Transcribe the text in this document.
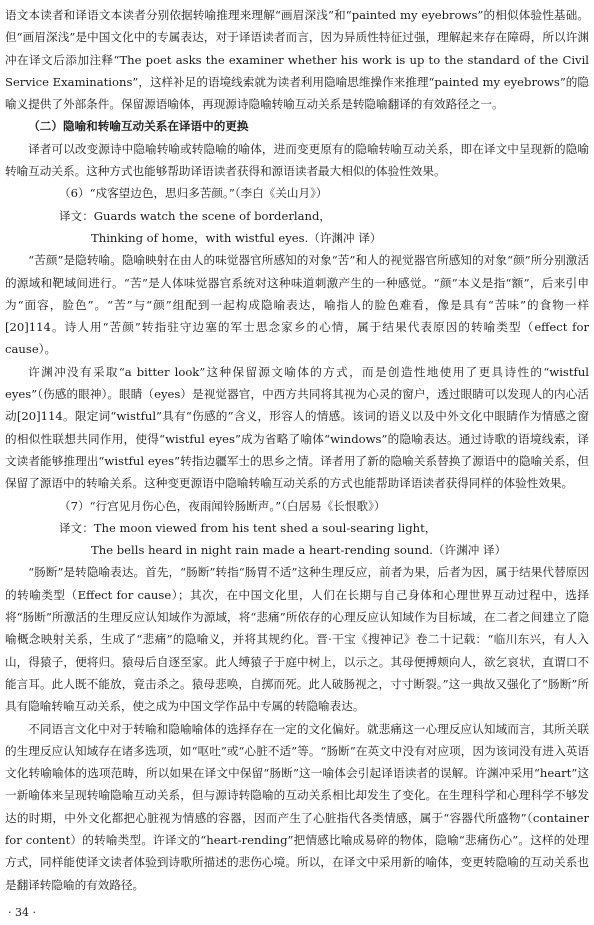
语文本读者和译语文本读者分别依据转喻推理来理解“画眉深浅”和“painted my eyebrows”的相似体验性基础。但“画眉深浅”是中国文化中的专属表达，对于译语读者而言，因为异质性特征过强，理解起来存在障碍，所以许渊冲在译文后添加注释“The poet asks the examiner whether his work is up to the standard of the Civil Service Examinations”，这样补足的语境线索就为读者利用隐喻思维操作来推理“painted my eyebrows”的隐喻义提供了外部条件。保留源语喻体，再现源诗隐喻转喻互动关系是转隐喻翻译的有效路径之一。

（二）隐喻和转喻互动关系在译语中的更换

译者可以改变源诗中隐喻转喻或转隐喻的喻体，进而变更原有的隐喻转喻互动关系，即在译文中呈现新的隐喻转喻互动关系。这种方式也能够帮助译语读者获得和源语读者最大相似的体验性效果。

（6）“戍客望边色，思归多苦颜。”（李白《关山月》）

译文：Guards watch the scene of borderland，

Thinking of home，with wistful eyes.（许渊冲 译）

“苦颜”是隐转喻。隐喻映射在由人的味觉器官所感知的对象“苦”和人的视觉器官所感知的对象“颜”所分别激活的源域和靶域间进行。“苦”是人体味觉器官系统对这种味道刺激产生的一种感觉。“颜”本义是指“额”，后来引申为“面容，脸色”。“苦”与“颜”组配到一起构成隐喻表达，喻指人的脸色难看，像是具有“苦味”的食物一样[20]114。诗人用“苦颜”转指驻守边塞的军士思念家乡的心情，属于结果代表原因的转喻类型（effect for cause）。

许渊冲没有采取“a bitter look”这种保留源文喻体的方式，而是创造性地使用了更具诗性的“wistful eyes”（伤感的眼神）。眼睛（eyes）是视觉器官，中西方共同将其视为心灵的窗户，透过眼睛可以发现人的内心活动[20]114。限定词“wistful”具有“伤感的”含义，形容人的情感。该词的语义以及中外文化中眼睛作为情感之窗的相似性联想共同作用，使得“wistful eyes”成为省略了喻体“windows”的隐喻表达。通过诗歌的语境线索，译文读者能够推理出“wistful eyes”转指边疆军士的思乡之情。译者用了新的隐喻关系替换了源语中的隐喻关系，但保留了源语中的转喻关系。这种变更源语中隐喻转喻互动关系的方式也能帮助译语读者获得同样的体验性效果。

（7）“行宫见月伤心色，夜雨闻铃肠断声。”（白居易《长恨歌》）

译文：The moon viewed from his tent shed a soul-searing light，

The bells heard in night rain made a heart-rending sound.（许渊冲 译）

“肠断”是转隐喻表达。首先，“肠断”转指“肠胃不适”这种生理反应，前者为果，后者为因，属于结果代替原因的转喻类型（Effect for cause）；其次，在中国文化里，人们在长期与自己身体和心理世界互动过程中，选择将“肠断”所激活的生理反应认知域作为源域，将“悲痛”所依存的心理反应认知域作为目标域，在二者之间建立了隐喻概念映射关系，生成了“悲痛”的隐喻义，并将其规约化。晋·干宝《搜神记》卷二十记载：“临川东兴，有人入山，得猿子，便将归。猿母后自逐至家。此人缚猿子于庭中树上，以示之。其母便搏颊向人，欲乞哀状，直谓口不能言耳。此人既不能放，竟击杀之。猿母悲唤，自掷而死。此人破肠视之，寸寸断裂。”这一典故又强化了“肠断”所具有隐喻转喻互动关系，使之成为中国文学作品中专属的转隐喻表达。

不同语言文化中对于转喻和隐喻喻体的选择存在一定的文化偏好。就悲痛这一心理反应认知域而言，其所关联的生理反应认知域存在诸多选项，如“呕吐”或“心脏不适”等。“肠断”在英文中没有对应项，因为该词没有进入英语文化转喻喻体的选项范畴，所以如果在译文中保留“肠断”这一喻体会引起译语读者的误解。许渊冲采用“heart”这一新喻体来呈现转喻隐喻互动关系，但与源诗转隐喻的互动关系相比却发生了变化。在生理科学和心理科学不够发达的时期，中外文化都把心脏视为情感的容器，因而产生了心脏指代各类情感，属于“容器代所盛物”（container for content）的转喻类型。许译文的“heart-rending”把情感比喻成易碎的物体，隐喻“悲痛伤心”。这样的处理方式，同样能使译文读者体验到诗歌所描述的悲伤心境。所以，在译文中采用新的喻体，变更转隐喻的互动关系也是翻译转隐喻的有效路径。

· 34 ·
